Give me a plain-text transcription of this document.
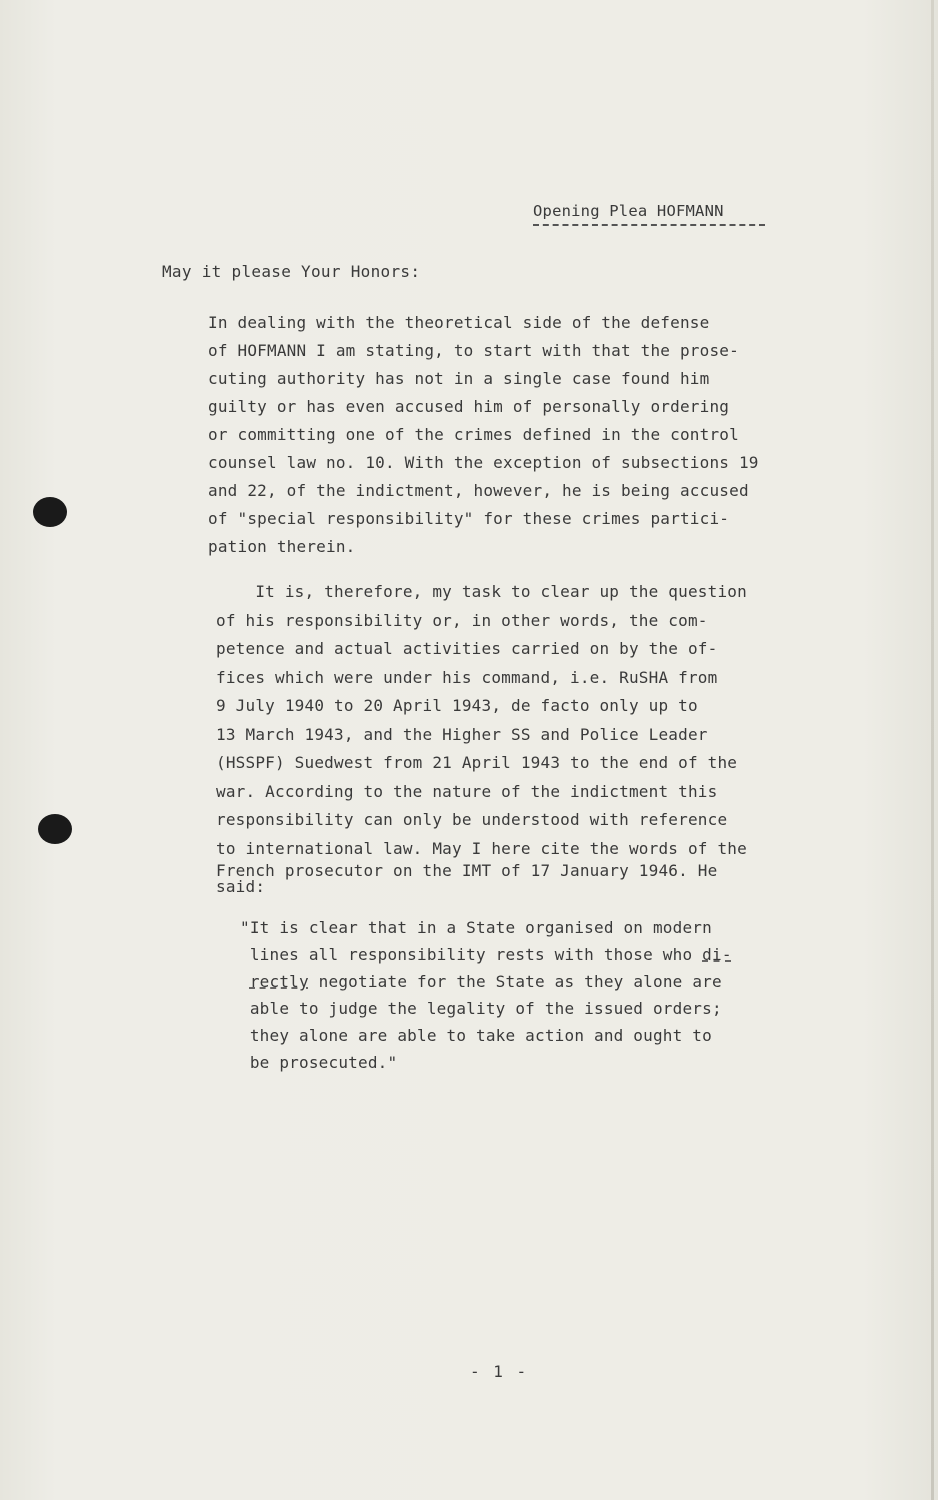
Opening Plea HOFMANN
May it please Your Honors:
In dealing with the theoretical side of the defense
of HOFMANN I am stating, to start with that the prose-
cuting authority has not in a single case found him
guilty or has even accused him of personally ordering
or committing one of the crimes defined in the control
counsel law no. 10. With the exception of subsections 19
and 22, of the indictment, however, he is being accused
of "special responsibility" for these crimes partici-
pation therein.
It is, therefore, my task to clear up the question
of his responsibility or, in other words, the com-
petence and actual activities carried on by the of-
fices which were under his command, i.e. RuSHA from
9 July 1940 to 20 April 1943, de facto only up to
13 March 1943, and the Higher SS and Police Leader
(HSSPF) Suedwest from 21 April 1943 to the end of the
war. According to the nature of the indictment this
responsibility can only be understood with reference
to international law. May I here cite the words of the
French prosecutor on the IMT of 17 January 1946. He
said:
"It is clear that in a State organised on modern
lines all responsibility rests with those who di-
rectly negotiate for the State as they alone are
able to judge the legality of the issued orders;
they alone are able to take action and ought to
be prosecuted."
- 1 -
